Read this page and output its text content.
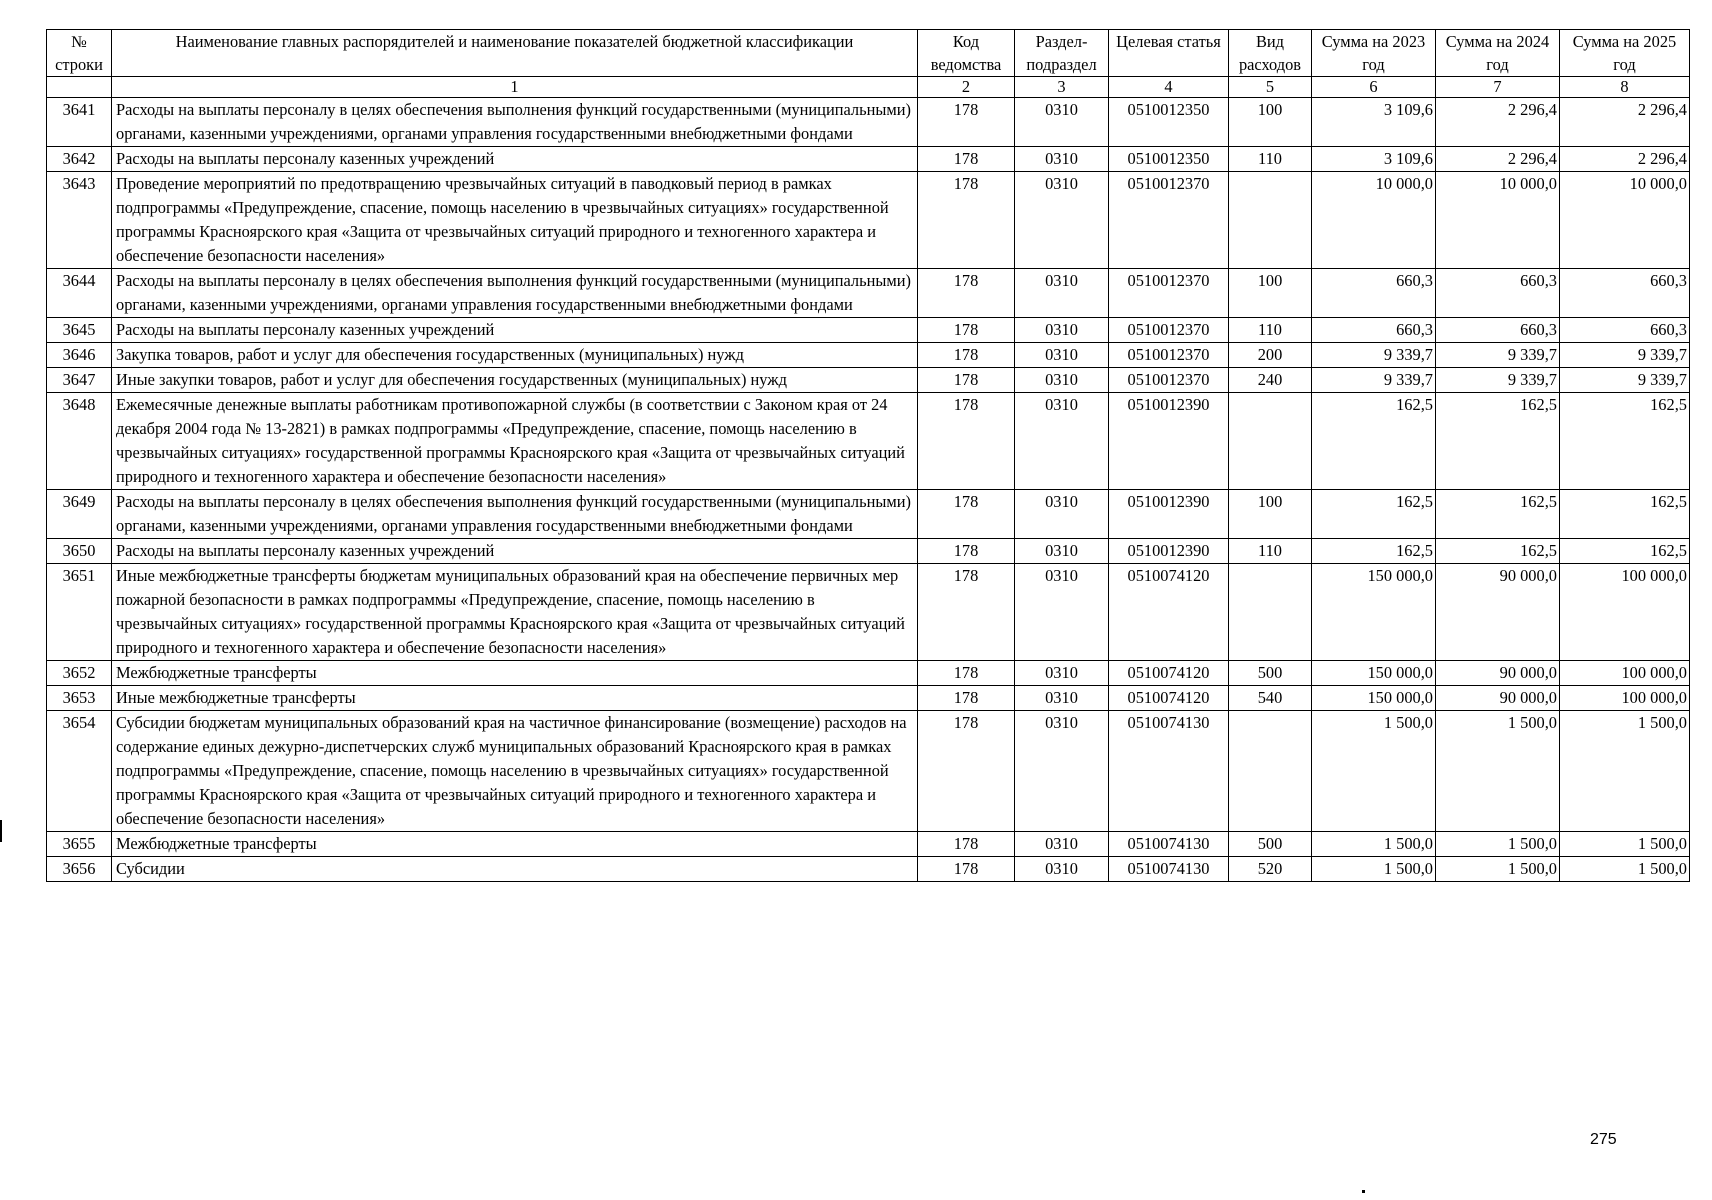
№ строки	Наименование главных распорядителей и наименование показателей бюджетной классификации	Код ведомства	Раздел-подраздел	Целевая статья	Вид расходов	Сумма на 2023 год	Сумма на 2024 год	Сумма на 2025 год
	1	2	3	4	5	6	7	8
3641	Расходы на выплаты персоналу в целях обеспечения выполнения функций государственными (муниципальными) органами, казенными учреждениями, органами управления государственными внебюджетными фондами	178	0310	0510012350	100	3 109,6	2 296,4	2 296,4
3642	Расходы на выплаты персоналу казенных учреждений	178	0310	0510012350	110	3 109,6	2 296,4	2 296,4
3643	Проведение мероприятий по предотвращению чрезвычайных ситуаций в паводковый период в рамках подпрограммы «Предупреждение, спасение, помощь населению в чрезвычайных ситуациях» государственной программы Красноярского края «Защита от чрезвычайных ситуаций природного и техногенного характера и обеспечение безопасности населения»	178	0310	0510012370		10 000,0	10 000,0	10 000,0
3644	Расходы на выплаты персоналу в целях обеспечения выполнения функций государственными (муниципальными) органами, казенными учреждениями, органами управления государственными внебюджетными фондами	178	0310	0510012370	100	660,3	660,3	660,3
3645	Расходы на выплаты персоналу казенных учреждений	178	0310	0510012370	110	660,3	660,3	660,3
3646	Закупка товаров, работ и услуг для обеспечения государственных (муниципальных) нужд	178	0310	0510012370	200	9 339,7	9 339,7	9 339,7
3647	Иные закупки товаров, работ и услуг для обеспечения государственных (муниципальных) нужд	178	0310	0510012370	240	9 339,7	9 339,7	9 339,7
3648	Ежемесячные денежные выплаты работникам противопожарной службы (в соответствии с Законом края от 24 декабря 2004 года № 13-2821) в рамках подпрограммы «Предупреждение, спасение, помощь населению в чрезвычайных ситуациях» государственной программы Красноярского края «Защита от чрезвычайных ситуаций природного и техногенного характера и обеспечение безопасности населения»	178	0310	0510012390		162,5	162,5	162,5
3649	Расходы на выплаты персоналу в целях обеспечения выполнения функций государственными (муниципальными) органами, казенными учреждениями, органами управления государственными внебюджетными фондами	178	0310	0510012390	100	162,5	162,5	162,5
3650	Расходы на выплаты персоналу казенных учреждений	178	0310	0510012390	110	162,5	162,5	162,5
3651	Иные межбюджетные трансферты бюджетам муниципальных образований края на обеспечение первичных мер пожарной безопасности в рамках подпрограммы «Предупреждение, спасение, помощь населению в чрезвычайных ситуациях» государственной программы Красноярского края «Защита от чрезвычайных ситуаций природного и техногенного характера и обеспечение безопасности населения»	178	0310	0510074120		150 000,0	90 000,0	100 000,0
3652	Межбюджетные трансферты	178	0310	0510074120	500	150 000,0	90 000,0	100 000,0
3653	Иные межбюджетные трансферты	178	0310	0510074120	540	150 000,0	90 000,0	100 000,0
3654	Субсидии бюджетам муниципальных образований края на частичное финансирование (возмещение) расходов на содержание единых дежурно-диспетчерских служб муниципальных образований Красноярского края в рамках подпрограммы «Предупреждение, спасение, помощь населению в чрезвычайных ситуациях» государственной программы Красноярского края «Защита от чрезвычайных ситуаций природного и техногенного характера и обеспечение безопасности населения»	178	0310	0510074130		1 500,0	1 500,0	1 500,0
3655	Межбюджетные трансферты	178	0310	0510074130	500	1 500,0	1 500,0	1 500,0
3656	Субсидии	178	0310	0510074130	520	1 500,0	1 500,0	1 500,0
275
